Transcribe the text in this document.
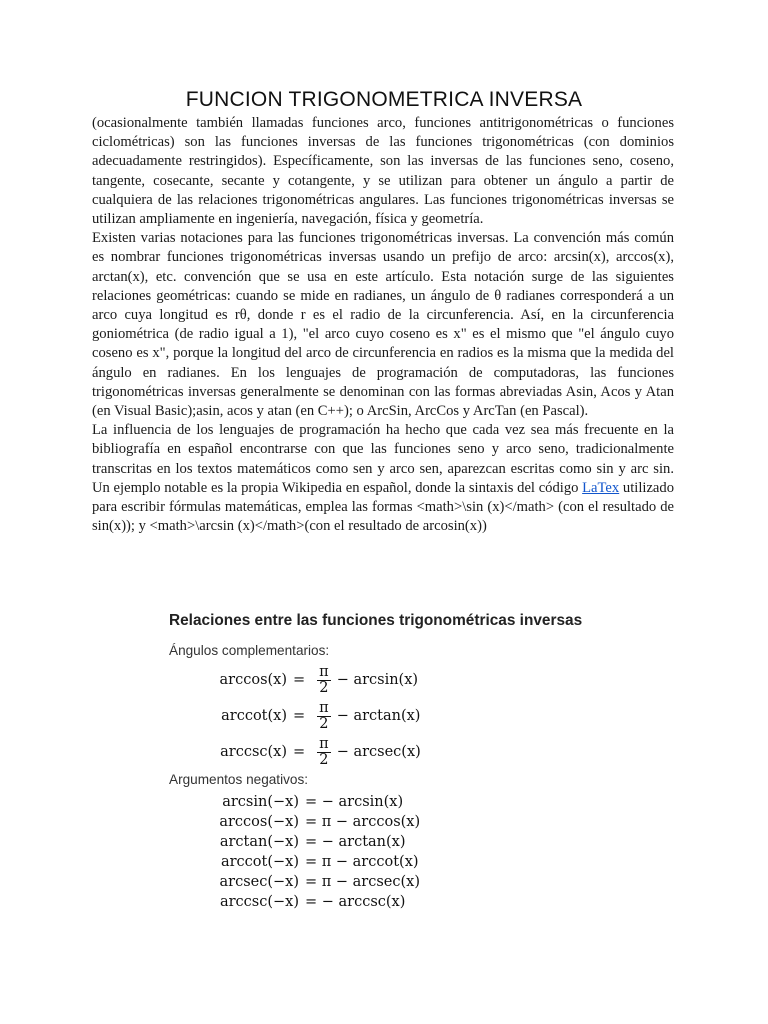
FUNCION TRIGONOMETRICA INVERSA

(ocasionalmente también llamadas funciones arco, funciones antitrigonométricas o funciones ciclométricas) son las funciones inversas de las funciones trigonométricas (con dominios adecuadamente restringidos). Específicamente, son las inversas de las funciones seno, coseno, tangente, cosecante, secante y cotangente, y se utilizan para obtener un ángulo a partir de cualquiera de las relaciones trigonométricas angulares. Las funciones trigonométricas inversas se utilizan ampliamente en ingeniería, navegación, física y geometría.

Existen varias notaciones para las funciones trigonométricas inversas. La convención más común es nombrar funciones trigonométricas inversas usando un prefijo de arco: arcsin(x), arccos(x), arctan(x), etc. convención que se usa en este artículo. Esta notación surge de las siguientes relaciones geométricas: cuando se mide en radianes, un ángulo de θ radianes corresponderá a un arco cuya longitud es rθ, donde r es el radio de la circunferencia. Así, en la circunferencia goniométrica (de radio igual a 1), "el arco cuyo coseno es x" es el mismo que "el ángulo cuyo coseno es x", porque la longitud del arco de circunferencia en radios es la misma que la medida del ángulo en radianes. En los lenguajes de programación de computadoras, las funciones trigonométricas inversas generalmente se denominan con las formas abreviadas Asin, Acos y Atan (en Visual Basic);asin, acos y atan (en C++); o ArcSin, ArcCos y ArcTan (en Pascal).

La influencia de los lenguajes de programación ha hecho que cada vez sea más frecuente en la bibliografía en español encontrarse con que las funciones seno y arco seno, tradicionalmente transcritas en los textos matemáticos como sen y arco sen, aparezcan escritas como sin y arc sin. Un ejemplo notable es la propia Wikipedia en español, donde la sintaxis del código LaTex utilizado para escribir fórmulas matemáticas, emplea las formas <math>\sin (x)</math> (con el resultado de sin(x)); y <math>\arcsin (x)</math>(con el resultado de arcosin(x))

Relaciones entre las funciones trigonométricas inversas
Ángulos complementarios:
$\arccos(x) = \frac{\pi}{2} - \arcsin(x)$
$arccot(x) = \frac{\pi}{2} - \arctan(x)$
$arccsc(x) = \frac{\pi}{2} - arcsec(x)$
Argumentos negativos:
arcsin(−x) = − arcsin(x)
arccos(−x) = π − arccos(x)
arctan(−x) = − arctan(x)
arccot(−x) = π − arccot(x)
arcsec(−x) = π − arcsec(x)
arccsc(−x) = − arccsc(x)
